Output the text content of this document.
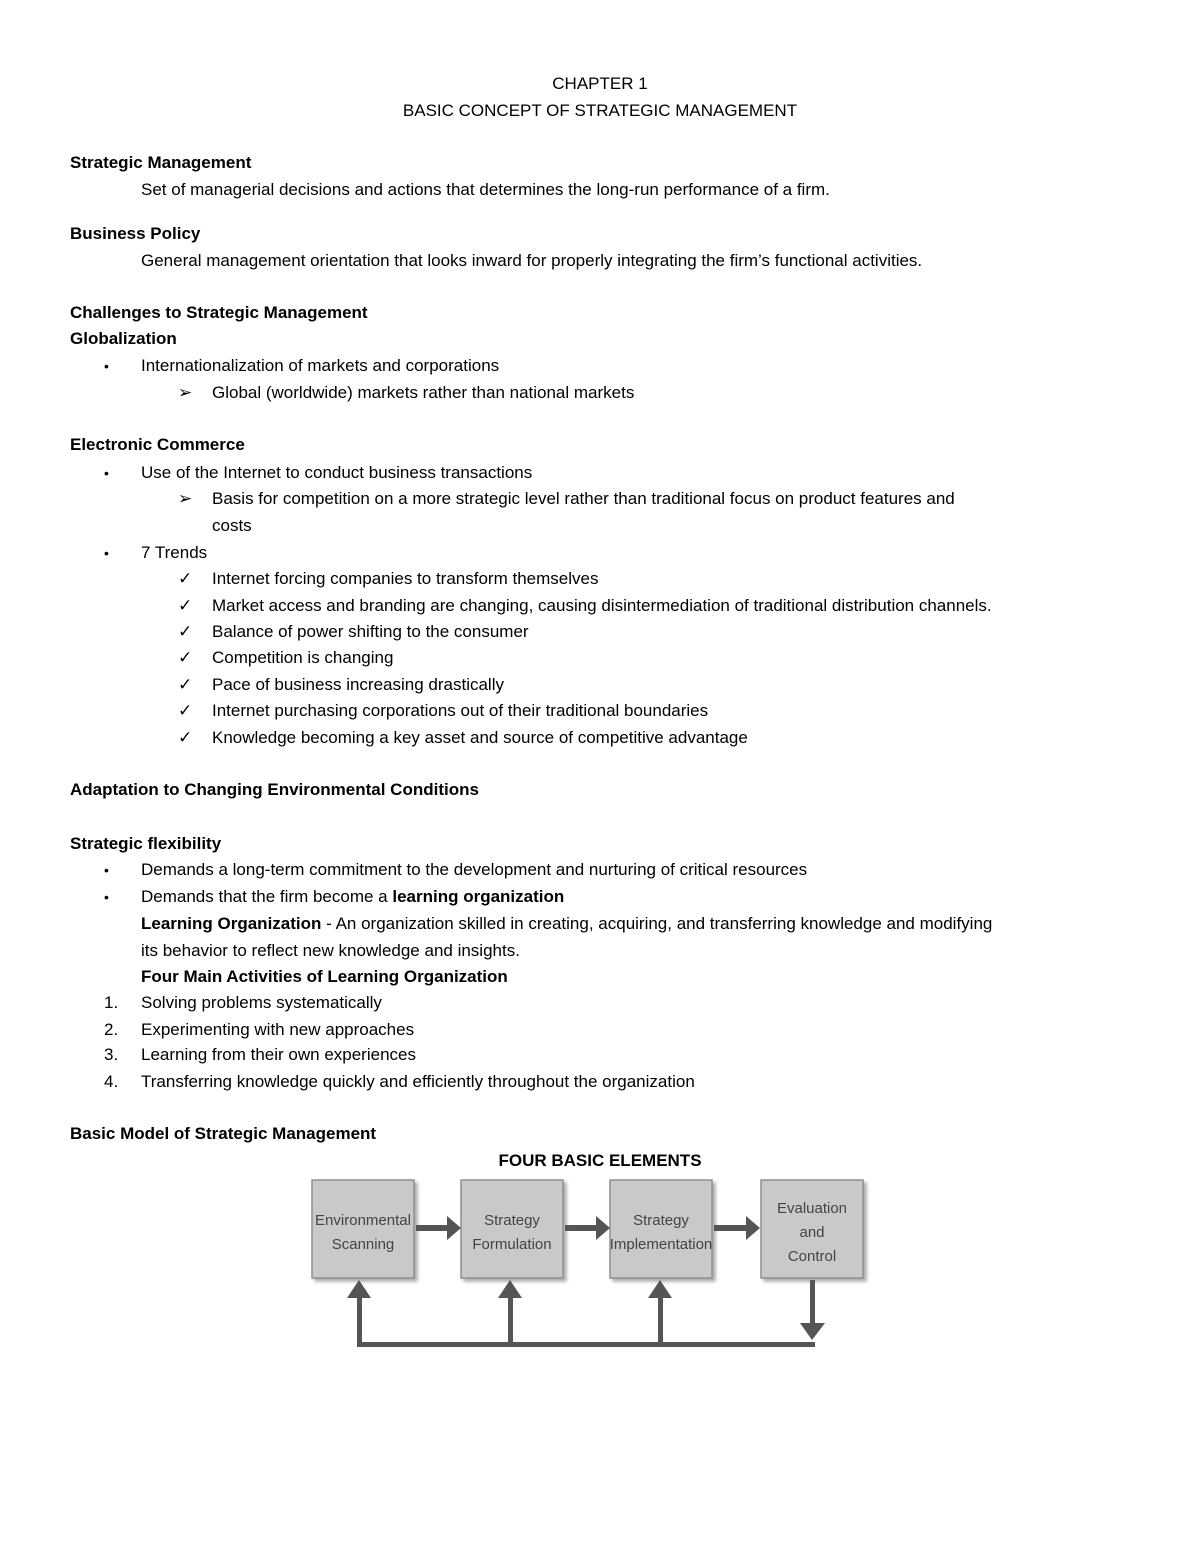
CHAPTER 1
BASIC CONCEPT OF STRATEGIC MANAGEMENT
Strategic Management
Set of managerial decisions and actions that determines the long-run performance of a firm.
Business Policy
General management orientation that looks inward for properly integrating the firm’s functional activities.
Challenges to Strategic Management
Globalization
• Internationalization of markets and corporations
➢ Global (worldwide) markets rather than national markets
Electronic Commerce
• Use of the Internet to conduct business transactions
➢ Basis for competition on a more strategic level rather than traditional focus on product features and
costs
• 7 Trends
✓ Internet forcing companies to transform themselves
✓ Market access and branding are changing, causing disintermediation of traditional distribution channels.
✓ Balance of power shifting to the consumer
✓ Competition is changing
✓ Pace of business increasing drastically
✓ Internet purchasing corporations out of their traditional boundaries
✓ Knowledge becoming a key asset and source of competitive advantage
Adaptation to Changing Environmental Conditions
Strategic flexibility
• Demands a long-term commitment to the development and nurturing of critical resources
• Demands that the firm become a learning organization
Learning Organization - An organization skilled in creating, acquiring, and transferring knowledge and modifying
its behavior to reflect new knowledge and insights.
Four Main Activities of Learning Organization
1. Solving problems systematically
2. Experimenting with new approaches
3. Learning from their own experiences
4. Transferring knowledge quickly and efficiently throughout the organization
Basic Model of Strategic Management
FOUR BASIC ELEMENTS
Environmental
Scanning
Strategy
Formulation
Strategy
Implementation
Evaluation
and
Control
